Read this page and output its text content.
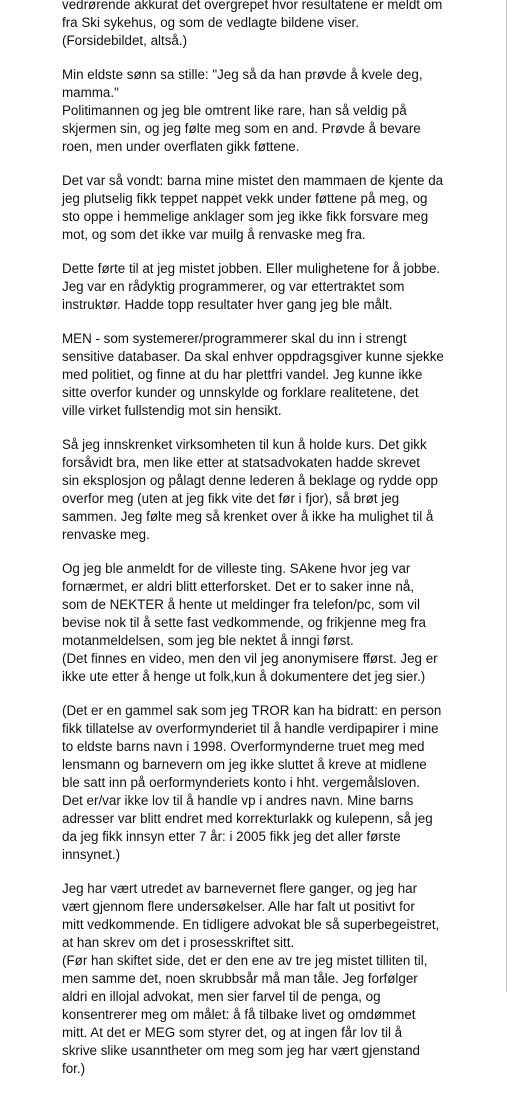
vedrørende akkurat det overgrepet hvor resultatene er meldt om
fra Ski sykehus, og som de vedlagte bildene viser.
(Forsidebildet, altså.)
Min eldste sønn sa stille: "Jeg så da han prøvde å kvele deg,
mamma."
Politimannen og jeg ble omtrent like rare, han så veldig på
skjermen sin, og jeg følte meg som en and. Prøvde å bevare
roen, men under overflaten gikk føttene.
Det var så vondt: barna mine mistet den mammaen de kjente da
jeg plutselig fikk teppet nappet vekk under føttene på meg, og
sto oppe i hemmelige anklager som jeg ikke fikk forsvare meg
mot, og som det ikke var muilg å renvaske meg fra.
Dette førte til at jeg mistet jobben. Eller mulighetene for å jobbe.
Jeg var en rådyktig programmerer, og var ettertraktet som
instruktør. Hadde topp resultater hver gang jeg ble målt.
MEN - som systemerer/programmerer skal du inn i strengt
sensitive databaser. Da skal enhver oppdragsgiver kunne sjekke
med politiet, og finne at du har plettfri vandel. Jeg kunne ikke
sitte overfor kunder og unnskylde og forklare realitetene, det
ville virket fullstendig mot sin hensikt.
Så jeg innskrenket virksomheten til kun å holde kurs. Det gikk
forsåvidt bra, men like etter at statsadvokaten hadde skrevet
sin eksplosjon og pålagt denne lederen å beklage og rydde opp
overfor meg (uten at jeg fikk vite det før i fjor), så brøt jeg
sammen. Jeg følte meg så krenket over å ikke ha mulighet til å
renvaske meg.
Og jeg ble anmeldt for de villeste ting. SAkene hvor jeg var
fornærmet, er aldri blitt etterforsket. Det er to saker inne nå,
som de NEKTER å hente ut meldinger fra telefon/pc, som vil
bevise nok til å sette fast vedkommende, og frikjenne meg fra
motanmeldelsen, som jeg ble nektet å inngi først.
(Det finnes en video, men den vil jeg anonymisere fførst. Jeg er
ikke ute etter å henge ut folk,kun å dokumentere det jeg sier.)
(Det er en gammel sak som jeg TROR kan ha bidratt: en person
fikk tillatelse av overformynderiet til å handle verdipapirer i mine
to eldste barns navn i 1998. Overformynderne truet meg med
lensmann og barnevern om jeg ikke sluttet å kreve at midlene
ble satt inn på oerformynderiets konto i hht. vergemålsloven.
Det er/var ikke lov til å handle vp i andres navn. Mine barns
adresser var blitt endret med korrekturlakk og kulepenn, så jeg
da jeg fikk innsyn etter 7 år: i 2005 fikk jeg det aller første
innsynet.)
Jeg har vært utredet av barnevernet flere ganger, og jeg har
vært gjennom flere undersøkelser. Alle har falt ut positivt for
mitt vedkommende. En tidligere advokat ble så superbegeistret,
at han skrev om det i prosesskriftet sitt.
(Før han skiftet side, det er den ene av tre jeg mistet tilliten til,
men samme det, noen skrubbsår må man tåle. Jeg forfølger
aldri en illojal advokat, men sier farvel til de penga, og
konsentrerer meg om målet: å få tilbake livet og omdømmet
mitt. At det er MEG som styrer det, og at ingen får lov til å
skrive slike usanntheter om meg som jeg har vært gjenstand
for.)
